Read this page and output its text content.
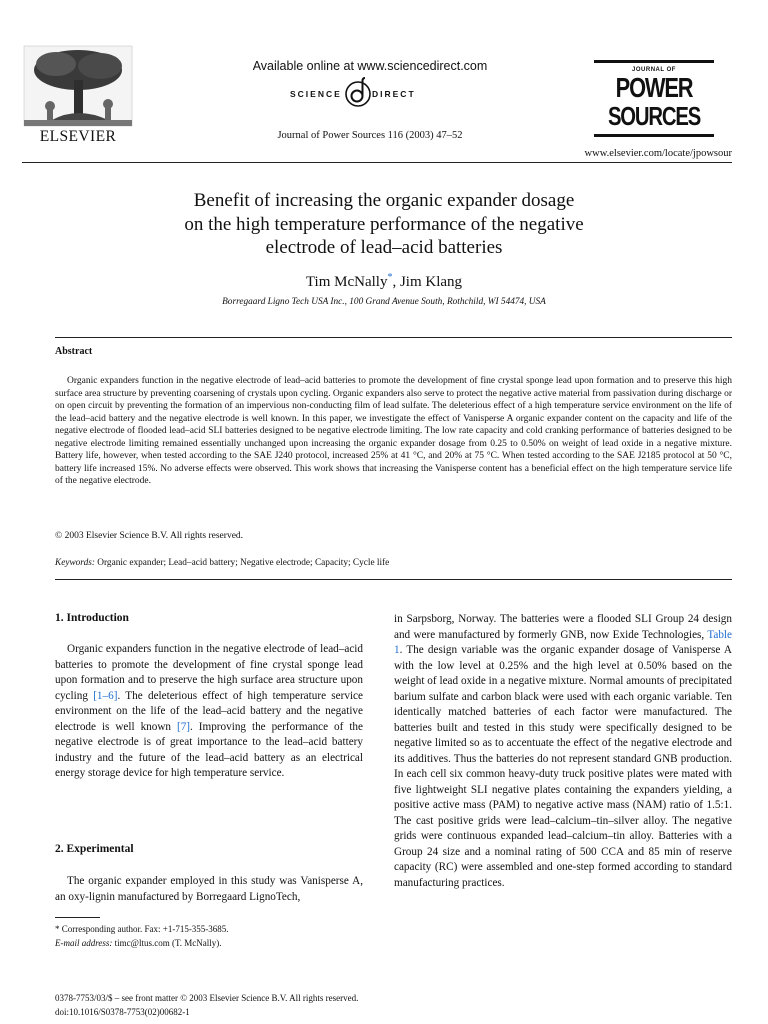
ELSEVIER
Available online at www.sciencedirect.com
SCIENCE	DIRECT
Journal of Power Sources 116 (2003) 47–52
JOURNAL OF
POWER
SOURCES
www.elsevier.com/locate/jpowsour
Benefit of increasing the organic expander dosage
on the high temperature performance of the negative
electrode of lead–acid batteries
Tim McNally*, Jim Klang
Borregaard Ligno Tech USA Inc., 100 Grand Avenue South, Rothchild, WI 54474, USA
Abstract
Organic expanders function in the negative electrode of lead–acid batteries to promote the development of fine crystal sponge lead upon formation and to preserve this high surface area structure by preventing coarsening of crystals upon cycling. Organic expanders also serve to protect the negative active material from passivation during discharge or on open circuit by preventing the formation of an impervious non-conducting film of lead sulfate. The deleterious effect of a high temperature service environment on the life of the lead–acid battery and the negative electrode is well known. In this paper, we investigate the effect of Vanisperse A organic expander content on the capacity and life of the negative electrode of flooded lead–acid SLI batteries designed to be negative electrode limiting. The low rate capacity and cold cranking performance of batteries designed to be negative electrode limiting remained essentially unchanged upon increasing the organic expander dosage from 0.25 to 0.50% on weight of lead oxide in a negative mixture. Battery life, however, when tested according to the SAE J240 protocol, increased 25% at 41 °C, and 20% at 75 °C. When tested according to the SAE J2185 protocol at 50 °C, battery life increased 15%. No adverse effects were observed. This work shows that increasing the Vanisperse content has a beneficial effect on the high temperature service life of the negative electrode.
© 2003 Elsevier Science B.V. All rights reserved.
Keywords: Organic expander; Lead–acid battery; Negative electrode; Capacity; Cycle life
1. Introduction
Organic expanders function in the negative electrode of lead–acid batteries to promote the development of fine crystal sponge lead upon formation and to preserve the high surface area structure upon cycling [1–6]. The deleterious effect of high temperature service environment on the life of the lead–acid battery and the negative electrode is well known [7]. Improving the performance of the negative electrode is of great importance to the lead–acid battery industry and the future of the lead–acid battery as an electrical energy storage device for high temperature service.
2. Experimental
The organic expander employed in this study was Vanisperse A, an oxy-lignin manufactured by Borregaard LignoTech,
in Sarpsborg, Norway. The batteries were a flooded SLI Group 24 design and were manufactured by formerly GNB, now Exide Technologies, Table 1. The design variable was the organic expander dosage of Vanisperse A with the low level at 0.25% and the high level at 0.50% based on the weight of lead oxide in a negative mixture. Normal amounts of precipitated barium sulfate and carbon black were used with each organic variable. Ten identically matched batteries of each factor were manufactured. The batteries built and tested in this study were specifically designed to be negative limited so as to accentuate the effect of the negative electrode and its additives. Thus the batteries do not represent standard GNB production. In each cell six common heavy-duty truck positive plates were mated with five lightweight SLI negative plates containing the expanders yielding, a positive active mass (PAM) to negative active mass (NAM) ratio of 1.5:1. The cast positive grids were lead–calcium–tin–silver alloy. The negative grids were continuous expanded lead–calcium–tin alloy. Batteries with a Group 24 size and a nominal rating of 500 CCA and 85 min of reserve capacity (RC) were assembled and one-step formed according to standard manufacturing practices.
* Corresponding author. Fax: +1-715-355-3685.
E-mail address: timc@ltus.com (T. McNally).
0378-7753/03/$ – see front matter © 2003 Elsevier Science B.V. All rights reserved.
doi:10.1016/S0378-7753(02)00682-1
